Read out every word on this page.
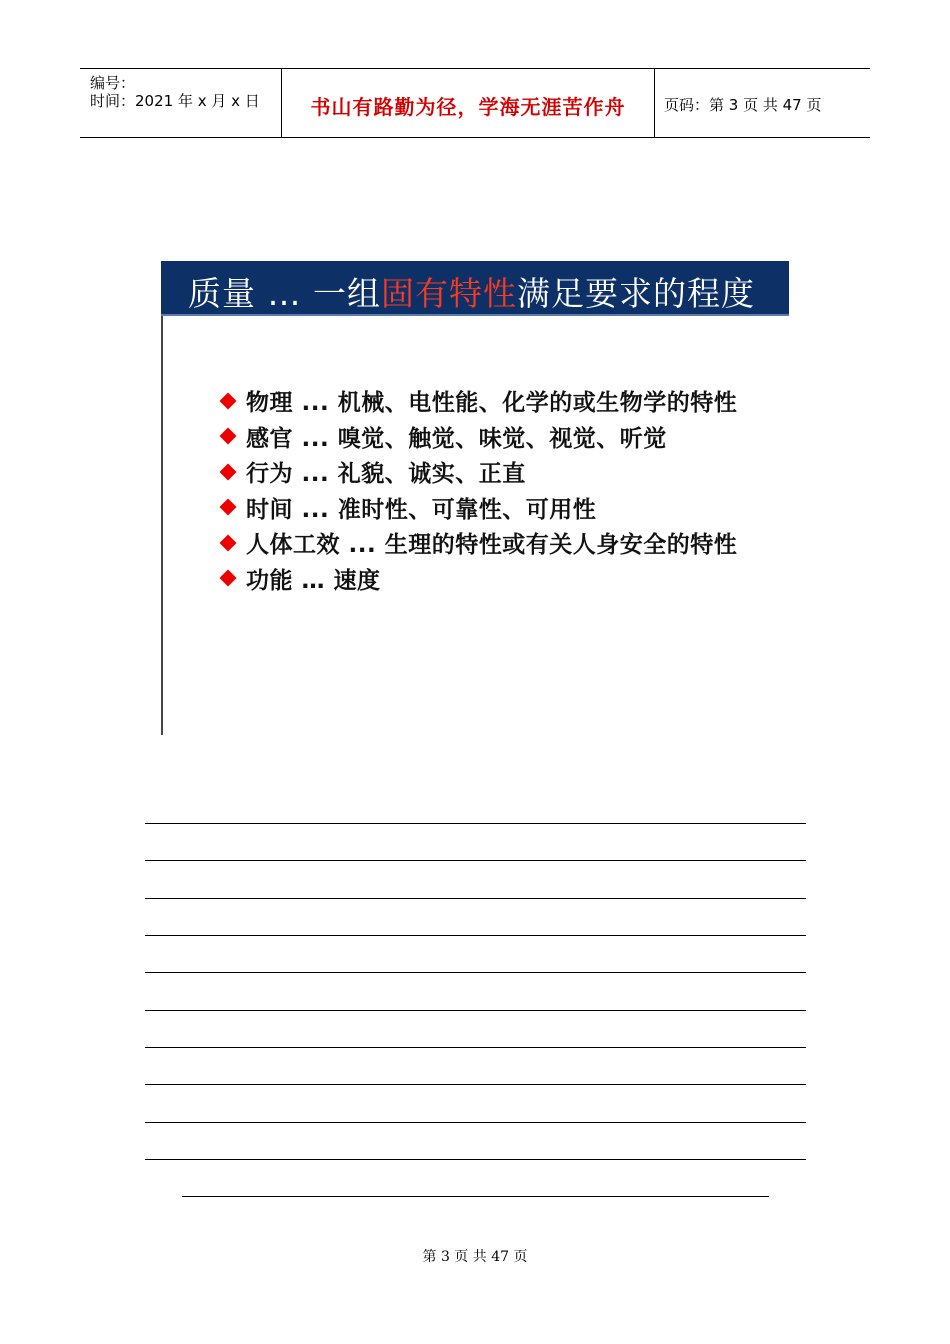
编号：
时间：2021 年 x 月 x 日	书山有路勤为径，学海无涯苦作舟	页码：第 3 页 共 47 页
质量 … 一组固有特性满足要求的程度
物理 ... 机械、电性能、化学的或生物学的特性
感官 ... 嗅觉、触觉、味觉、视觉、听觉
行为 ... 礼貌、诚实、正直
时间 ... 准时性、可靠性、可用性
人体工效 ... 生理的特性或有关人身安全的特性
功能 … 速度
第 3 页 共 47 页
